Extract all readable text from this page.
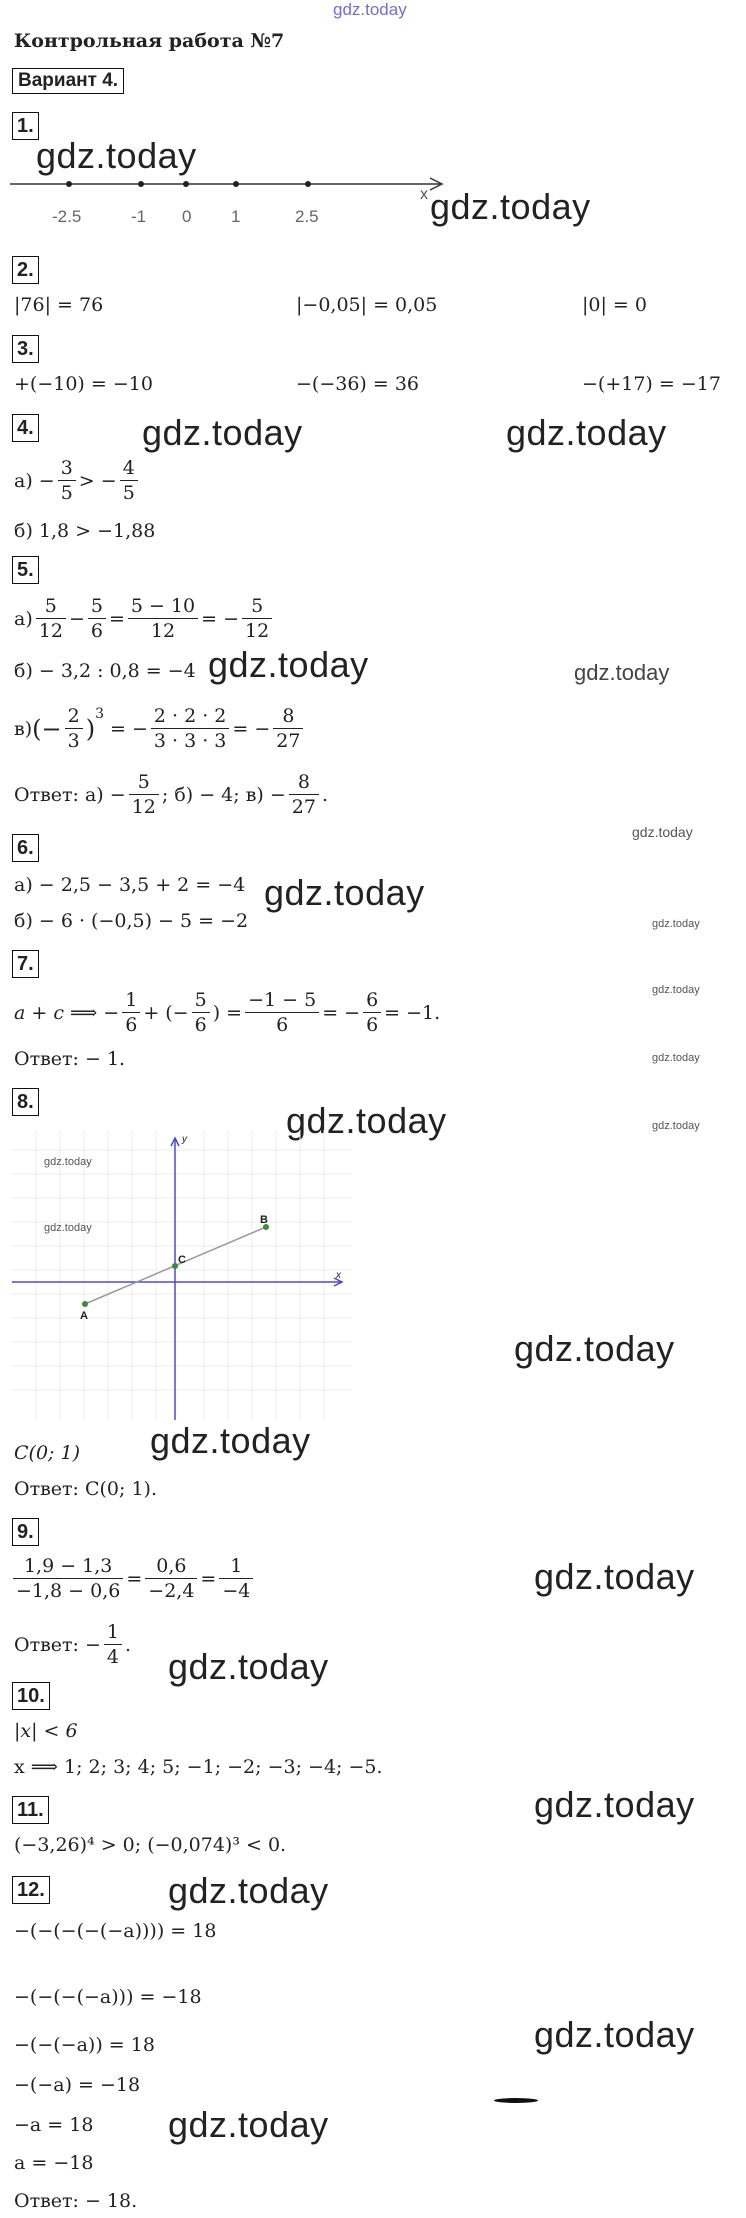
gdz.today
Контрольная работа №7
Вариант 4.
1.
gdz.today
x
-2.5	-1 0 1	2.5	gdz.today
2.
|76| = 76	|−0,05| = 0,05	|0| = 0
3.
+(−10) = −10	−(−36) = 36	−(+17) = −17
4.	gdz.today	gdz.today
$а) - \frac{3}{5}$ > − $\frac{4}{5}$
б) 1,8 > −1,88
5.
$а) \frac{5}{12} - \frac{5}{6} = \frac{5 - 10}{12}$ = − $\frac{5}{12}$
б) − 3,2 : 0,8 = −4 gdz.today	gdz.today
в) (− $\frac{2}{3}$ )
$^3$
= − $\frac{2 \cdot 2 \cdot 2}{3 \cdot 3 \cdot 3}$ = − $\frac{8}{27}$
Ответ: $а) - \frac{5}{12}$ ; б) − 4; $в) - \frac{8}{27}$ .
gdz.today
6.
а) − 2,5 − 3,5 + 2 = −4 gdz.today
б) − 6 · (−0,5) − 5 = −2	gdz.today
7.
gdz.today
a + c ⟹ − $\frac{1}{6}$ + (− $\frac{5}{6}$ ) = $\frac{-1 - 5}{6}$ = − $\frac{6}{6} = -1$.
Ответ: − 1.	gdz.today
8.	gdz.today	gdz.today
A
B
C
y
x
gdz.today
gdz.today
gdz.today
C(0; 1) gdz.today
Ответ: C(0; 1).
9.
$\frac{1,9 - 1,3}{-1,8 - 0,6} = \frac{0,6}{-2,4} = \frac{1}{-4}$	gdz.today
Ответ: − $\frac{1}{4}$ .
gdz.today
10.
|x| < 6
x ⟹ 1; 2; 3; 4; 5; −1; −2; −3; −4; −5.
11.	gdz.today
(−3,26)⁴ > 0; (−0,074)³ < 0.
12.	gdz.today
−(−(−(−(−a)))) = 18
−(−(−(−a))) = −18
gdz.today
−(−(−a)) = 18
−(−a) = −18
−a = 18 gdz.today
a = −18
Ответ: − 18.
